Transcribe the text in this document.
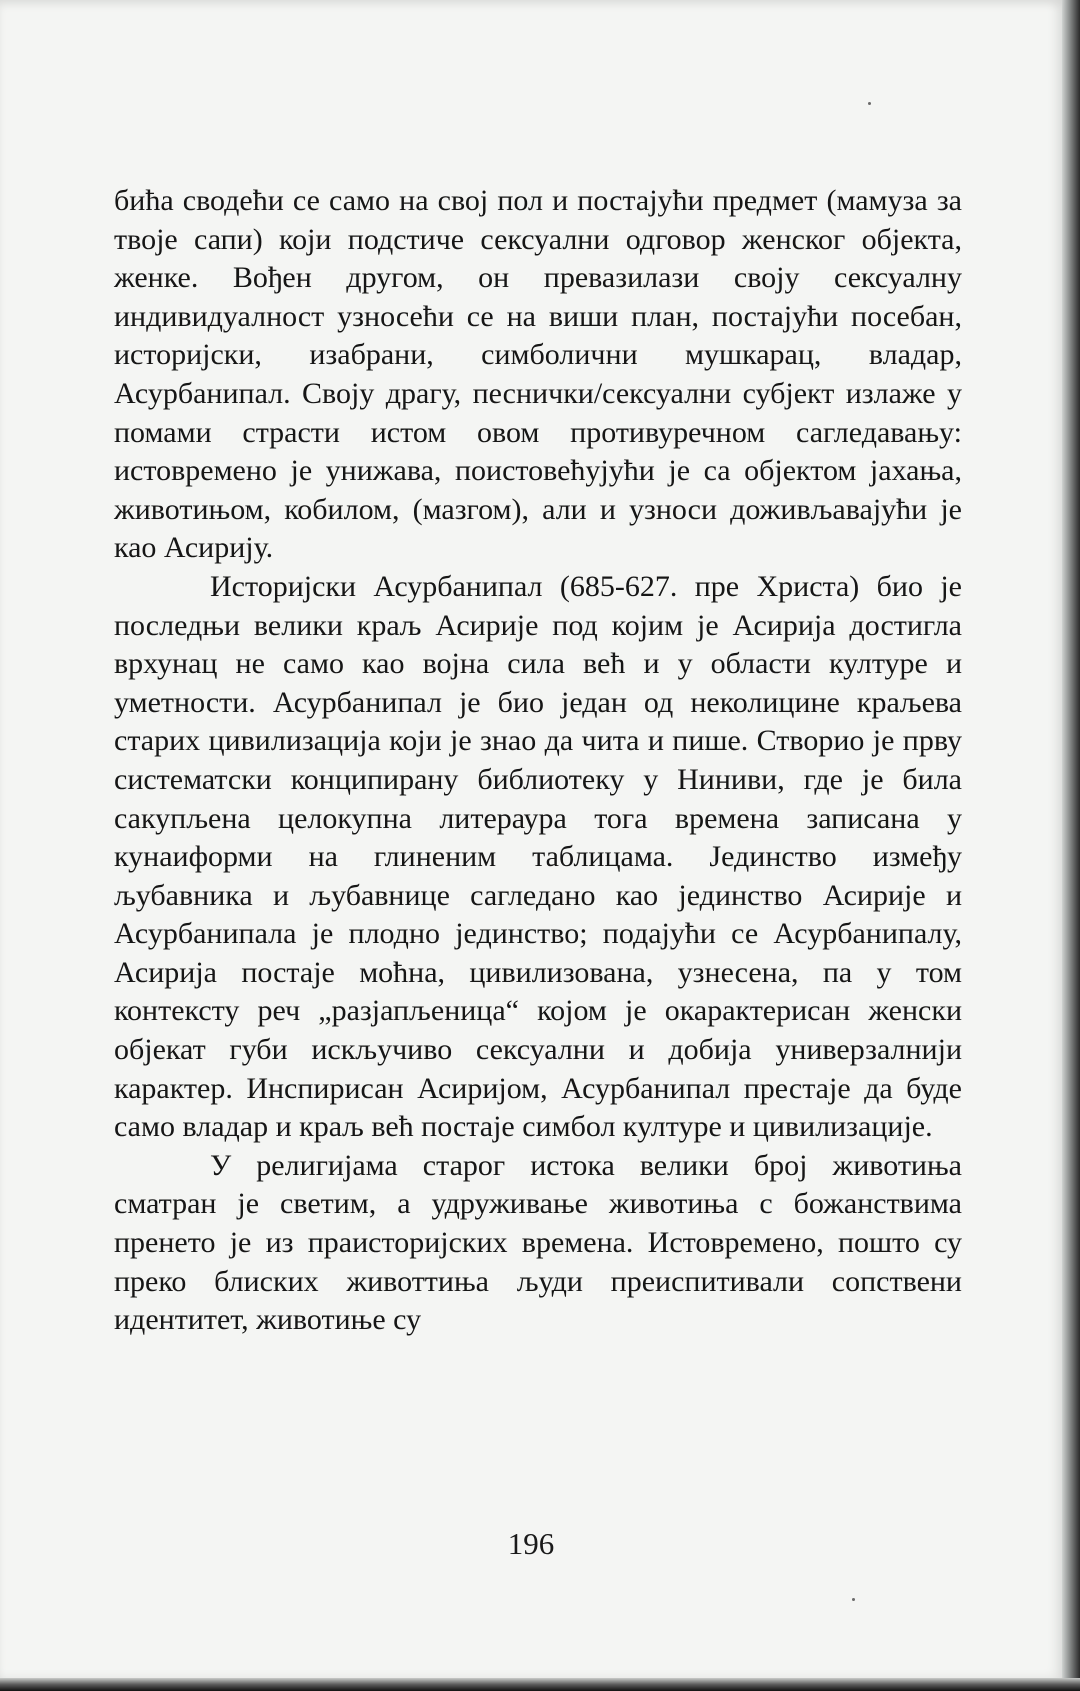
бића сводећи се само на свој пол и постајући предмет (мамуза за твоје сапи) који подстиче сексуални одговор женског објекта, женке. Вођен другом, он превазилази своју сексуалну индивидуалност узносећи се на виши план, постајући посебан, историјски, изабрани, симболични мушкарац, владар, Асурбанипал. Своју драгу, песнички/сексуални субјект излаже у помами страсти истом овом противуречном сагледавању: истовремено је унижава, поистовећујући је са објектом јахања, животињом, кобилом, (мазгом), али и узноси доживљавајући је као Асирију.

Историјски Асурбанипал (685-627. пре Христа) био је последњи велики краљ Асирије под којим је Асирија достигла врхунац не само као војна сила већ и у области културе и уметности. Асурбанипал је био један од неколицине краљева старих цивилизација који је знао да чита и пише. Створио је прву систематски конципирану библиотеку у Ниниви, где је била сакупљена целокупна литераура тога времена записана у кунаиформи на глиненим таблицама. Јединство између љубавника и љубавнице сагледано као јединство Асирије и Асурбанипала је плодно јединство; подајући се Асурбанипалу, Асирија постаје моћна, цивилизована, узнесена, па у том контексту реч „разјапљеница“ којом је окарактерисан женски објекат губи искључиво сексуални и добија универзалнији карактер. Инспирисан Асиријом, Асурбанипал престаје да буде само владар и краљ већ постаје симбол културе и цивилизације.

У религијама старог истока велики број животиња сматран је светим, а удруживање животиња с божанствима пренето је из праисторијских времена. Истовремено, пошто су преко блиских животтиња људи преиспитивали сопствени идентитет, животиње су

196
